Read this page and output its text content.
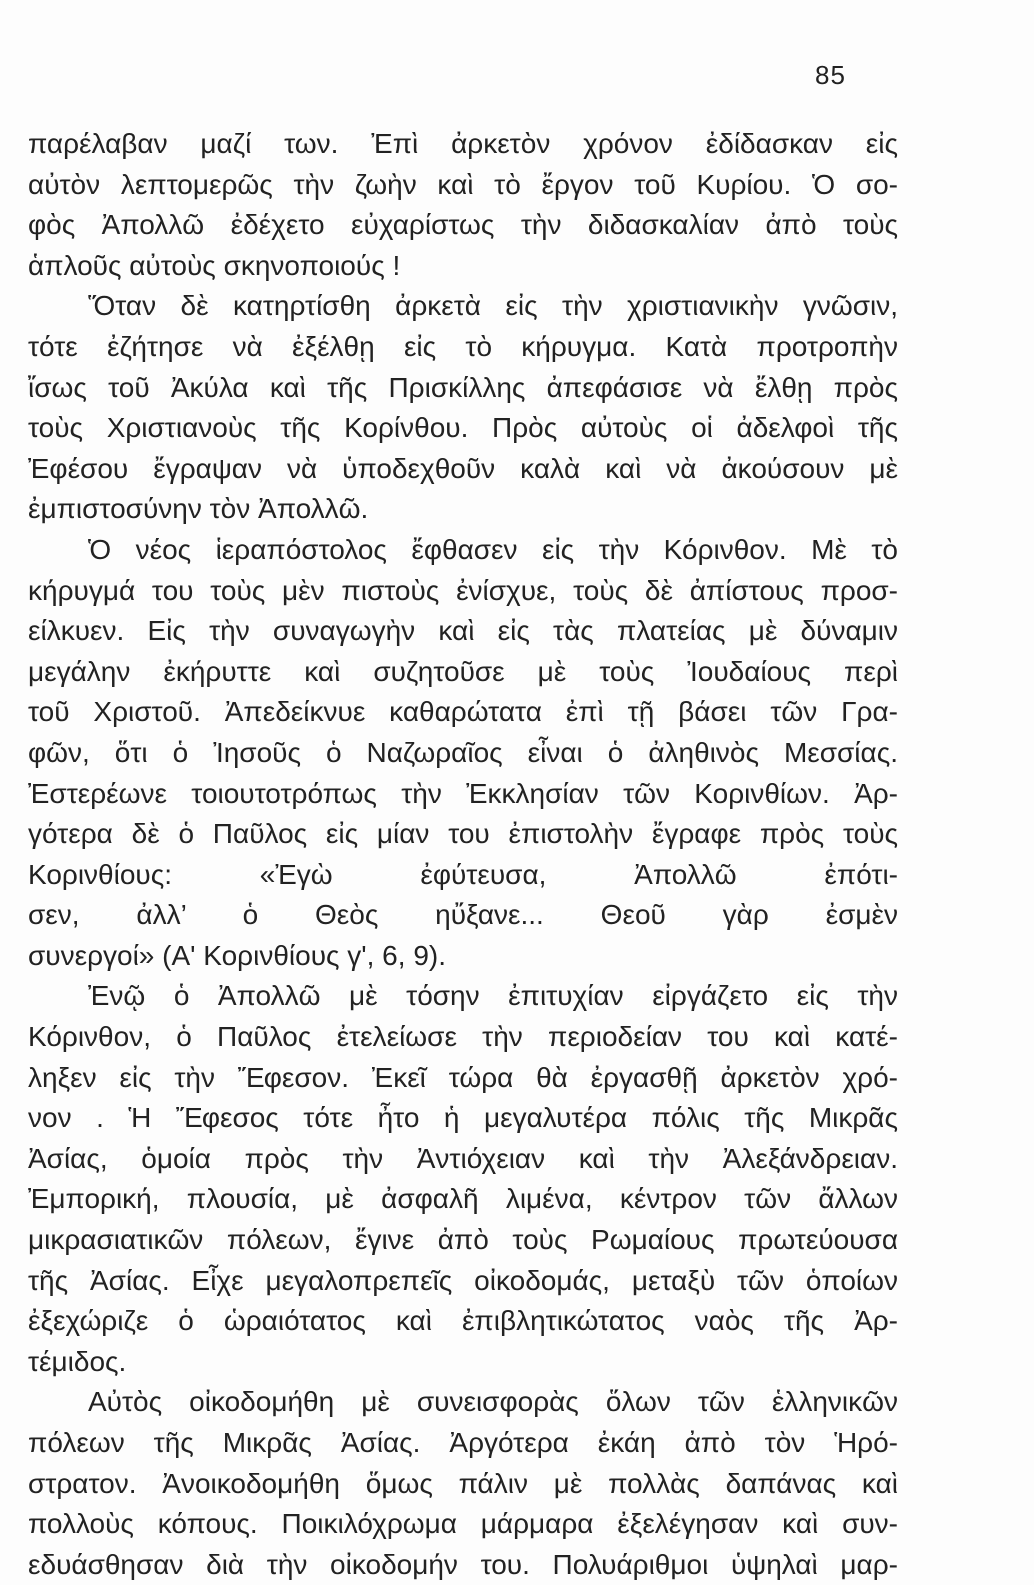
85
παρέλαβαν μαζί των. Ἐπὶ ἀρκετὸν χρόνον ἐδίδασκαν εἰς
αὐτὸν λεπτομερῶς τὴν ζωὴν καὶ τὸ ἔργον τοῦ Κυρίου. Ὁ σο-
φὸς Ἀπολλῶ ἐδέχετο εὐχαρίστως τὴν διδασκαλίαν ἀπὸ τοὺς
ἁπλοῦς αὐτοὺς σκηνοποιούς !
Ὅταν δὲ κατηρτίσθη ἀρκετὰ εἰς τὴν χριστιανικὴν γνῶσιν,
τότε ἐζήτησε νὰ ἐξέλθῃ εἰς τὸ κήρυγμα. Κατὰ προτροπὴν
ἴσως τοῦ Ἀκύλα καὶ τῆς Πρισκίλλης ἀπεφάσισε νὰ ἔλθῃ πρὸς
τοὺς Χριστιανοὺς τῆς Κορίνθου. Πρὸς αὐτοὺς οἱ ἀδελφοὶ τῆς
Ἐφέσου ἔγραψαν νὰ ὑποδεχθοῦν καλὰ καὶ νὰ ἀκούσουν μὲ
ἐμπιστοσύνην τὸν Ἀπολλῶ.
Ὁ νέος ἱεραπόστολος ἔφθασεν εἰς τὴν Κόρινθον. Μὲ τὸ
κήρυγμά του τοὺς μὲν πιστοὺς ἐνίσχυε, τοὺς δὲ ἀπίστους προσ-
είλκυεν. Εἰς τὴν συναγωγὴν καὶ εἰς τὰς πλατείας μὲ δύναμιν
μεγάλην ἐκήρυττε καὶ συζητοῦσε μὲ τοὺς Ἰουδαίους περὶ
τοῦ Χριστοῦ. Ἀπεδείκνυε καθαρώτατα ἐπὶ τῇ βάσει τῶν Γρα-
φῶν, ὅτι ὁ Ἰησοῦς ὁ Ναζωραῖος εἶναι ὁ ἀληθινὸς Μεσσίας.
Ἐστερέωνε τοιουτοτρόπως τὴν Ἐκκλησίαν τῶν Κορινθίων. Ἀρ-
γότερα δὲ ὁ Παῦλος εἰς μίαν του ἐπιστολὴν ἔγραφε πρὸς τοὺς
Κορινθίους: «Ἐγὼ ἐφύτευσα, Ἀπολλῶ ἐπότι-
σεν, ἀλλ’ ὁ Θεὸς ηὔξανε... Θεοῦ γὰρ ἐσμὲν
συνεργοί» (Α' Κορινθίους γ', 6, 9).
Ἐνῷ ὁ Ἀπολλῶ μὲ τόσην ἐπιτυχίαν εἰργάζετο εἰς τὴν
Κόρινθον, ὁ Παῦλος ἐτελείωσε τὴν περιοδείαν του καὶ κατέ-
ληξεν εἰς τὴν Ἔφεσον. Ἐκεῖ τώρα θὰ ἐργασθῇ ἀρκετὸν χρό-
νον . Ἡ Ἔφεσος τότε ἦτο ἡ μεγαλυτέρα πόλις τῆς Μικρᾶς
Ἀσίας, ὁμοία πρὸς τὴν Ἀντιόχειαν καὶ τὴν Ἀλεξάνδρειαν.
Ἐμπορική, πλουσία, μὲ ἀσφαλῆ λιμένα, κέντρον τῶν ἄλλων
μικρασιατικῶν πόλεων, ἔγινε ἀπὸ τοὺς Ρωμαίους πρωτεύουσα
τῆς Ἀσίας. Εἶχε μεγαλοπρεπεῖς οἰκοδομάς, μεταξὺ τῶν ὁποίων
ἐξεχώριζε ὁ ὡραιότατος καὶ ἐπιβλητικώτατος ναὸς τῆς Ἀρ-
τέμιδος.
Αὐτὸς οἰκοδομήθη μὲ συνεισφορὰς ὅλων τῶν ἑλληνικῶν
πόλεων τῆς Μικρᾶς Ἀσίας. Ἀργότερα ἐκάη ἀπὸ τὸν Ἡρό-
στρατον. Ἀνοικοδομήθη ὅμως πάλιν μὲ πολλὰς δαπάνας καὶ
πολλοὺς κόπους. Ποικιλόχρωμα μάρμαρα ἐξελέγησαν καὶ συν-
εδυάσθησαν διὰ τὴν οἰκοδομήν του. Πολυάριθμοι ὑψηλαὶ μαρ-
